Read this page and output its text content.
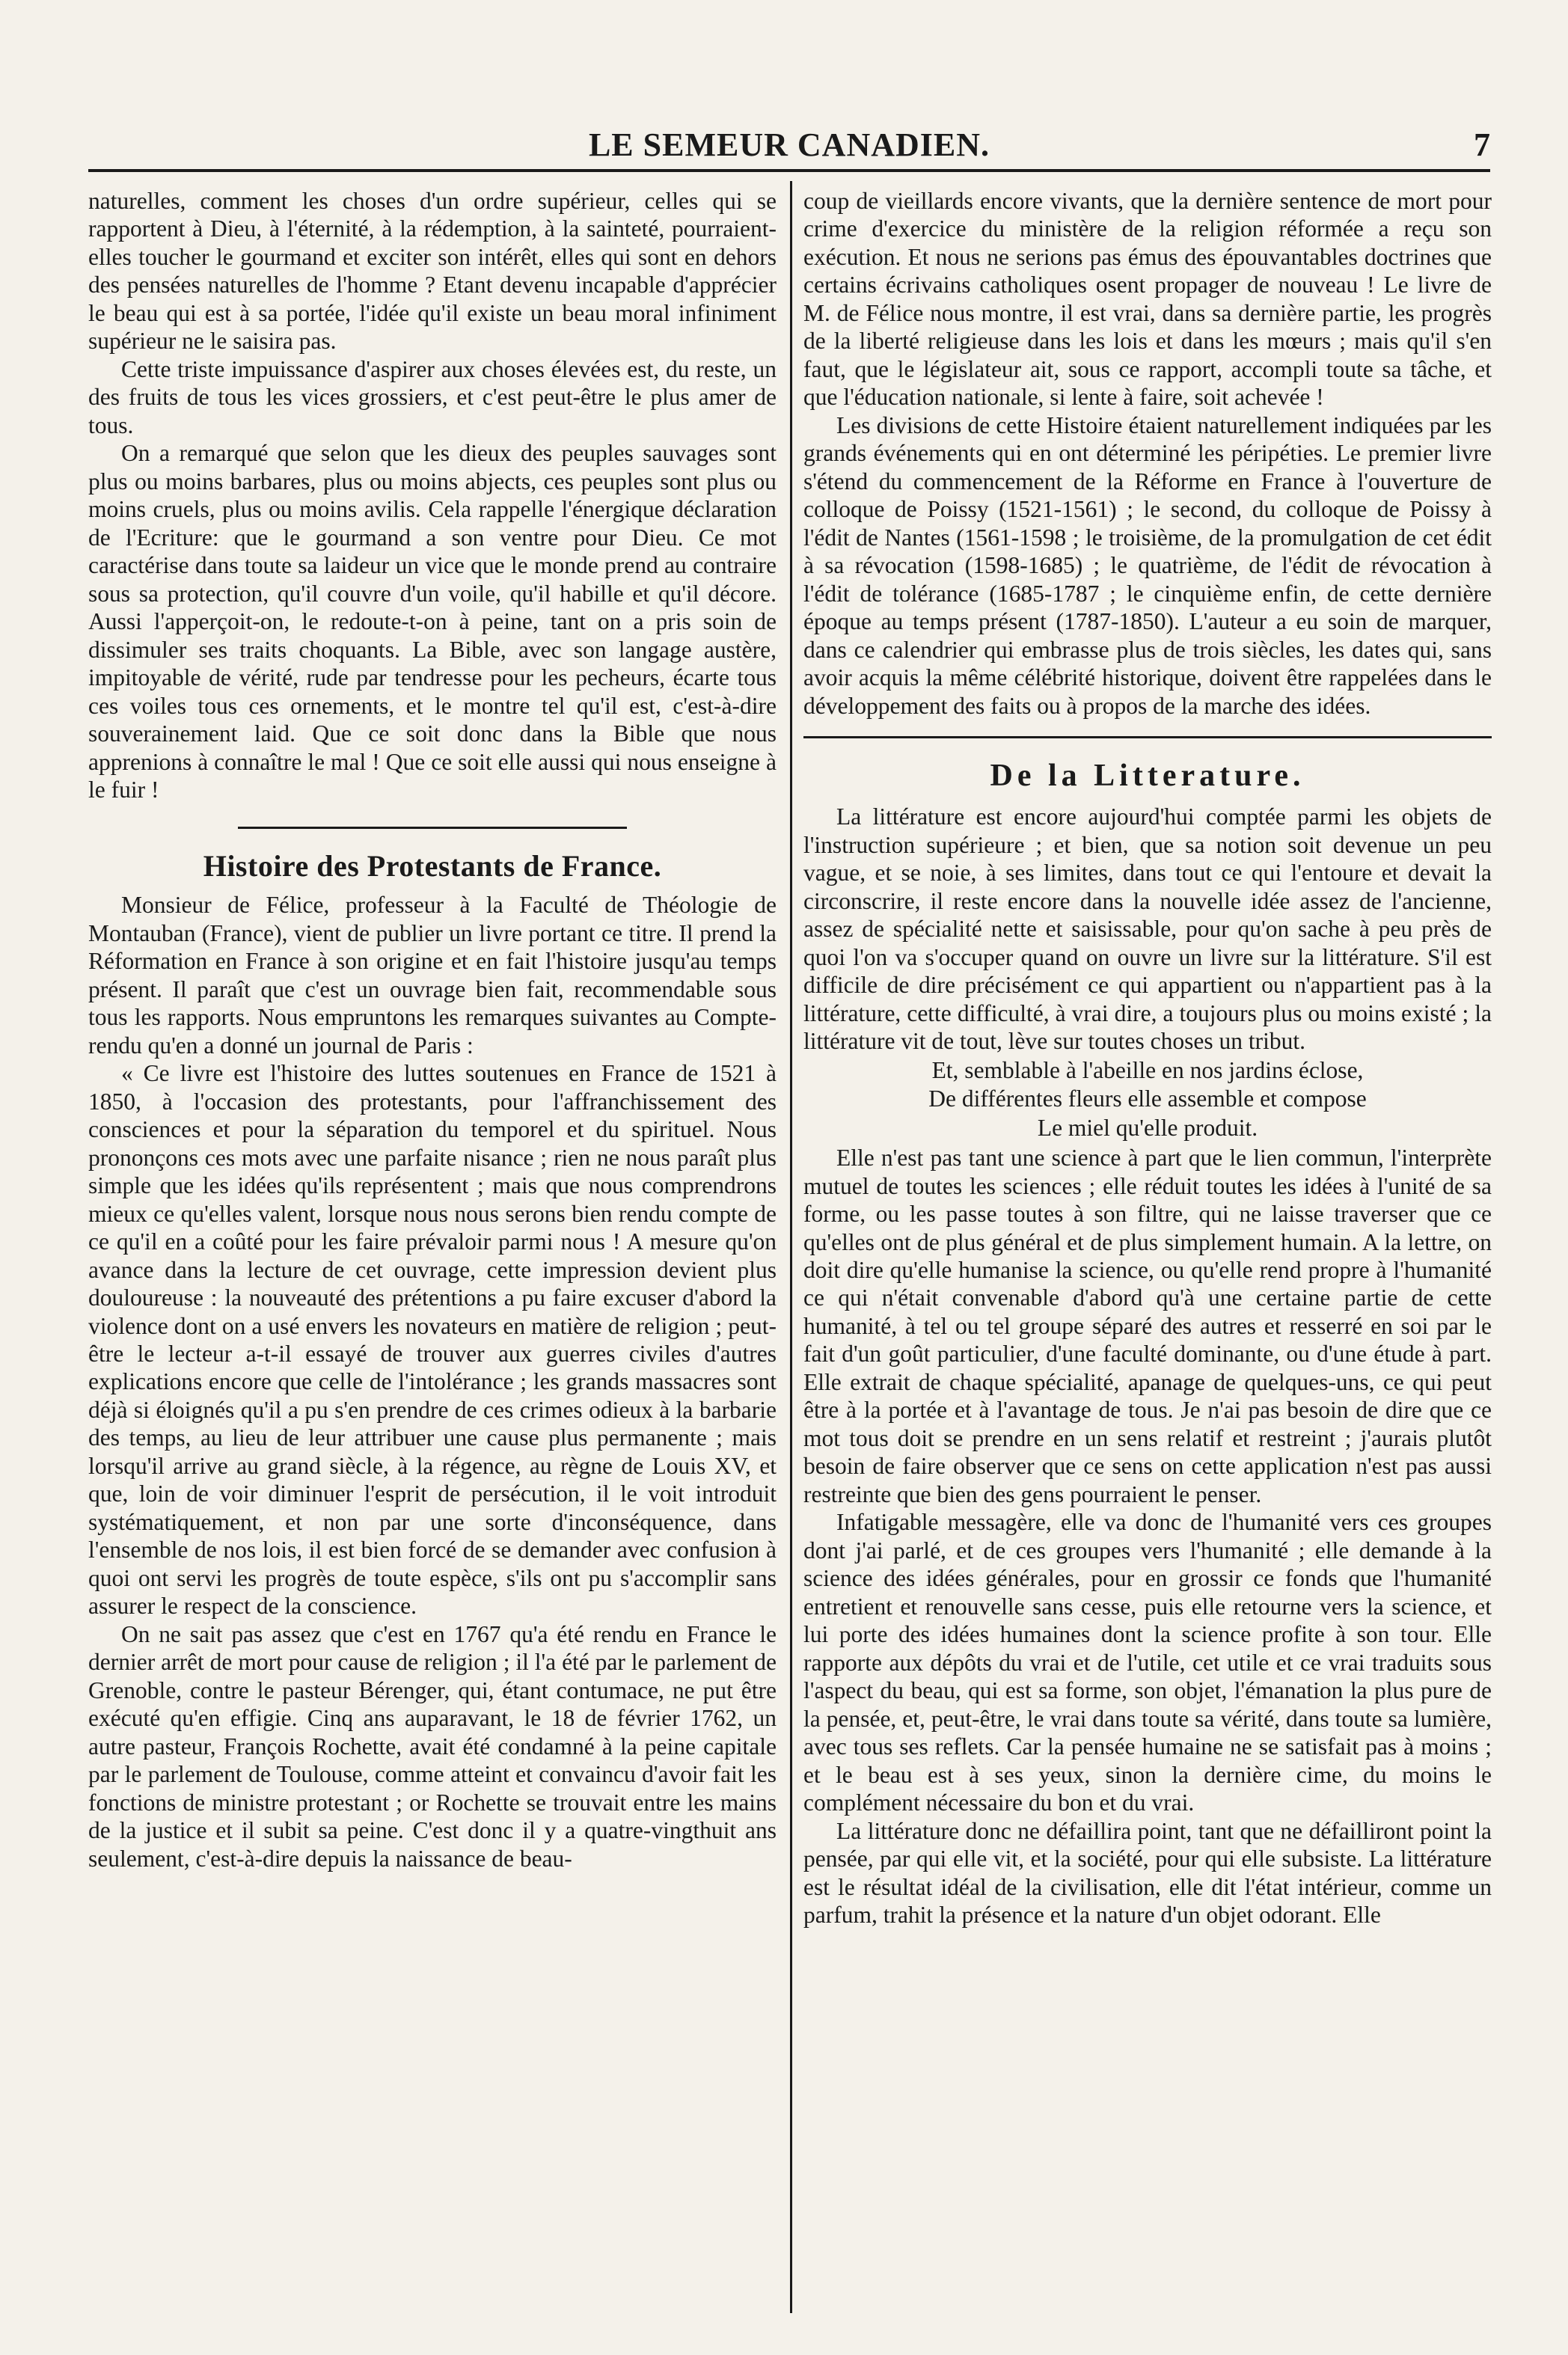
LE SEMEUR CANADIEN.	7

naturelles, comment les choses d'un ordre supérieur, celles qui se rapportent à Dieu, à l'éternité, à la rédemption, à la sainteté, pourraient-elles toucher le gourmand et exciter son intérêt, elles qui sont en dehors des pensées naturelles de l'homme ? Etant devenu incapable d'apprécier le beau qui est à sa portée, l'idée qu'il existe un beau moral infiniment supérieur ne le saisira pas.

Cette triste impuissance d'aspirer aux choses élevées est, du reste, un des fruits de tous les vices grossiers, et c'est peut-être le plus amer de tous.

On a remarqué que selon que les dieux des peuples sauvages sont plus ou moins barbares, plus ou moins abjects, ces peuples sont plus ou moins cruels, plus ou moins avilis. Cela rappelle l'énergique déclaration de l'Ecriture: que le gourmand a son ventre pour Dieu. Ce mot caractérise dans toute sa laideur un vice que le monde prend au contraire sous sa protection, qu'il couvre d'un voile, qu'il habille et qu'il décore. Aussi l'apperçoit-on, le redoute-t-on à peine, tant on a pris soin de dissimuler ses traits choquants. La Bible, avec son langage austère, impitoyable de vérité, rude par tendresse pour les pecheurs, écarte tous ces voiles tous ces ornements, et le montre tel qu'il est, c'est-à-dire souverainement laid. Que ce soit donc dans la Bible que nous apprenions à connaître le mal ! Que ce soit elle aussi qui nous enseigne à le fuir !

Histoire des Protestants de France.

Monsieur de Félice, professeur à la Faculté de Théologie de Montauban (France), vient de publier un livre portant ce titre. Il prend la Réformation en France à son origine et en fait l'histoire jusqu'au temps présent. Il paraît que c'est un ouvrage bien fait, recommendable sous tous les rapports. Nous empruntons les remarques suivantes au Compte-rendu qu'en a donné un journal de Paris :

« Ce livre est l'histoire des luttes soutenues en France de 1521 à 1850, à l'occasion des protestants, pour l'affranchissement des consciences et pour la séparation du temporel et du spirituel. Nous prononçons ces mots avec une parfaite nisance ; rien ne nous paraît plus simple que les idées qu'ils représentent ; mais que nous comprendrons mieux ce qu'elles valent, lorsque nous nous serons bien rendu compte de ce qu'il en a coûté pour les faire prévaloir parmi nous ! A mesure qu'on avance dans la lecture de cet ouvrage, cette impression devient plus douloureuse : la nouveauté des prétentions a pu faire excuser d'abord la violence dont on a usé envers les novateurs en matière de religion ; peut-être le lecteur a-t-il essayé de trouver aux guerres civiles d'autres explications encore que celle de l'intolérance ; les grands massacres sont déjà si éloignés qu'il a pu s'en prendre de ces crimes odieux à la barbarie des temps, au lieu de leur attribuer une cause plus permanente ; mais lorsqu'il arrive au grand siècle, à la régence, au règne de Louis XV, et que, loin de voir diminuer l'esprit de persécution, il le voit introduit systématiquement, et non par une sorte d'inconséquence, dans l'ensemble de nos lois, il est bien forcé de se demander avec confusion à quoi ont servi les progrès de toute espèce, s'ils ont pu s'accomplir sans assurer le respect de la conscience.

On ne sait pas assez que c'est en 1767 qu'a été rendu en France le dernier arrêt de mort pour cause de religion ; il l'a été par le parlement de Grenoble, contre le pasteur Bérenger, qui, étant contumace, ne put être exécuté qu'en effigie. Cinq ans auparavant, le 18 de février 1762, un autre pasteur, François Rochette, avait été condamné à la peine capitale par le parlement de Toulouse, comme atteint et convaincu d'avoir fait les fonctions de ministre protestant ; or Rochette se trouvait entre les mains de la justice et il subit sa peine. C'est donc il y a quatre-vingthuit ans seulement, c'est-à-dire depuis la naissance de beau-

coup de vieillards encore vivants, que la dernière sentence de mort pour crime d'exercice du ministère de la religion réformée a reçu son exécution. Et nous ne serions pas émus des épouvantables doctrines que certains écrivains catholiques osent propager de nouveau ! Le livre de M. de Félice nous montre, il est vrai, dans sa dernière partie, les progrès de la liberté religieuse dans les lois et dans les mœurs ; mais qu'il s'en faut, que le législateur ait, sous ce rapport, accompli toute sa tâche, et que l'éducation nationale, si lente à faire, soit achevée !

Les divisions de cette Histoire étaient naturellement indiquées par les grands événements qui en ont déterminé les péripéties. Le premier livre s'étend du commencement de la Réforme en France à l'ouverture de colloque de Poissy (1521-1561) ; le second, du colloque de Poissy à l'édit de Nantes (1561-1598 ; le troisième, de la promulgation de cet édit à sa révocation (1598-1685) ; le quatrième, de l'édit de révocation à l'édit de tolérance (1685-1787 ; le cinquième enfin, de cette dernière époque au temps présent (1787-1850). L'auteur a eu soin de marquer, dans ce calendrier qui embrasse plus de trois siècles, les dates qui, sans avoir acquis la même célébrité historique, doivent être rappelées dans le développement des faits ou à propos de la marche des idées.

De la Litterature.

La littérature est encore aujourd'hui comptée parmi les objets de l'instruction supérieure ; et bien, que sa notion soit devenue un peu vague, et se noie, à ses limites, dans tout ce qui l'entoure et devait la circonscrire, il reste encore dans la nouvelle idée assez de l'ancienne, assez de spécialité nette et saisissable, pour qu'on sache à peu près de quoi l'on va s'occuper quand on ouvre un livre sur la littérature. S'il est difficile de dire précisément ce qui appartient ou n'appartient pas à la littérature, cette difficulté, à vrai dire, a toujours plus ou moins existé ; la littérature vit de tout, lève sur toutes choses un tribut.

Et, semblable à l'abeille en nos jardins éclose,
De différentes fleurs elle assemble et compose
Le miel qu'elle produit.

Elle n'est pas tant une science à part que le lien commun, l'interprète mutuel de toutes les sciences ; elle réduit toutes les idées à l'unité de sa forme, ou les passe toutes à son filtre, qui ne laisse traverser que ce qu'elles ont de plus général et de plus simplement humain. A la lettre, on doit dire qu'elle humanise la science, ou qu'elle rend propre à l'humanité ce qui n'était convenable d'abord qu'à une certaine partie de cette humanité, à tel ou tel groupe séparé des autres et resserré en soi par le fait d'un goût particulier, d'une faculté dominante, ou d'une étude à part. Elle extrait de chaque spécialité, apanage de quelques-uns, ce qui peut être à la portée et à l'avantage de tous. Je n'ai pas besoin de dire que ce mot tous doit se prendre en un sens relatif et restreint ; j'aurais plutôt besoin de faire observer que ce sens on cette application n'est pas aussi restreinte que bien des gens pourraient le penser.

Infatigable messagère, elle va donc de l'humanité vers ces groupes dont j'ai parlé, et de ces groupes vers l'humanité ; elle demande à la science des idées générales, pour en grossir ce fonds que l'humanité entretient et renouvelle sans cesse, puis elle retourne vers la science, et lui porte des idées humaines dont la science profite à son tour. Elle rapporte aux dépôts du vrai et de l'utile, cet utile et ce vrai traduits sous l'aspect du beau, qui est sa forme, son objet, l'émanation la plus pure de la pensée, et, peut-être, le vrai dans toute sa vérité, dans toute sa lumière, avec tous ses reflets. Car la pensée humaine ne se satisfait pas à moins ; et le beau est à ses yeux, sinon la dernière cime, du moins le complément nécessaire du bon et du vrai.

La littérature donc ne défaillira point, tant que ne défailliront point la pensée, par qui elle vit, et la société, pour qui elle subsiste. La littérature est le résultat idéal de la civilisation, elle dit l'état intérieur, comme un parfum, trahit la présence et la nature d'un objet odorant. Elle
